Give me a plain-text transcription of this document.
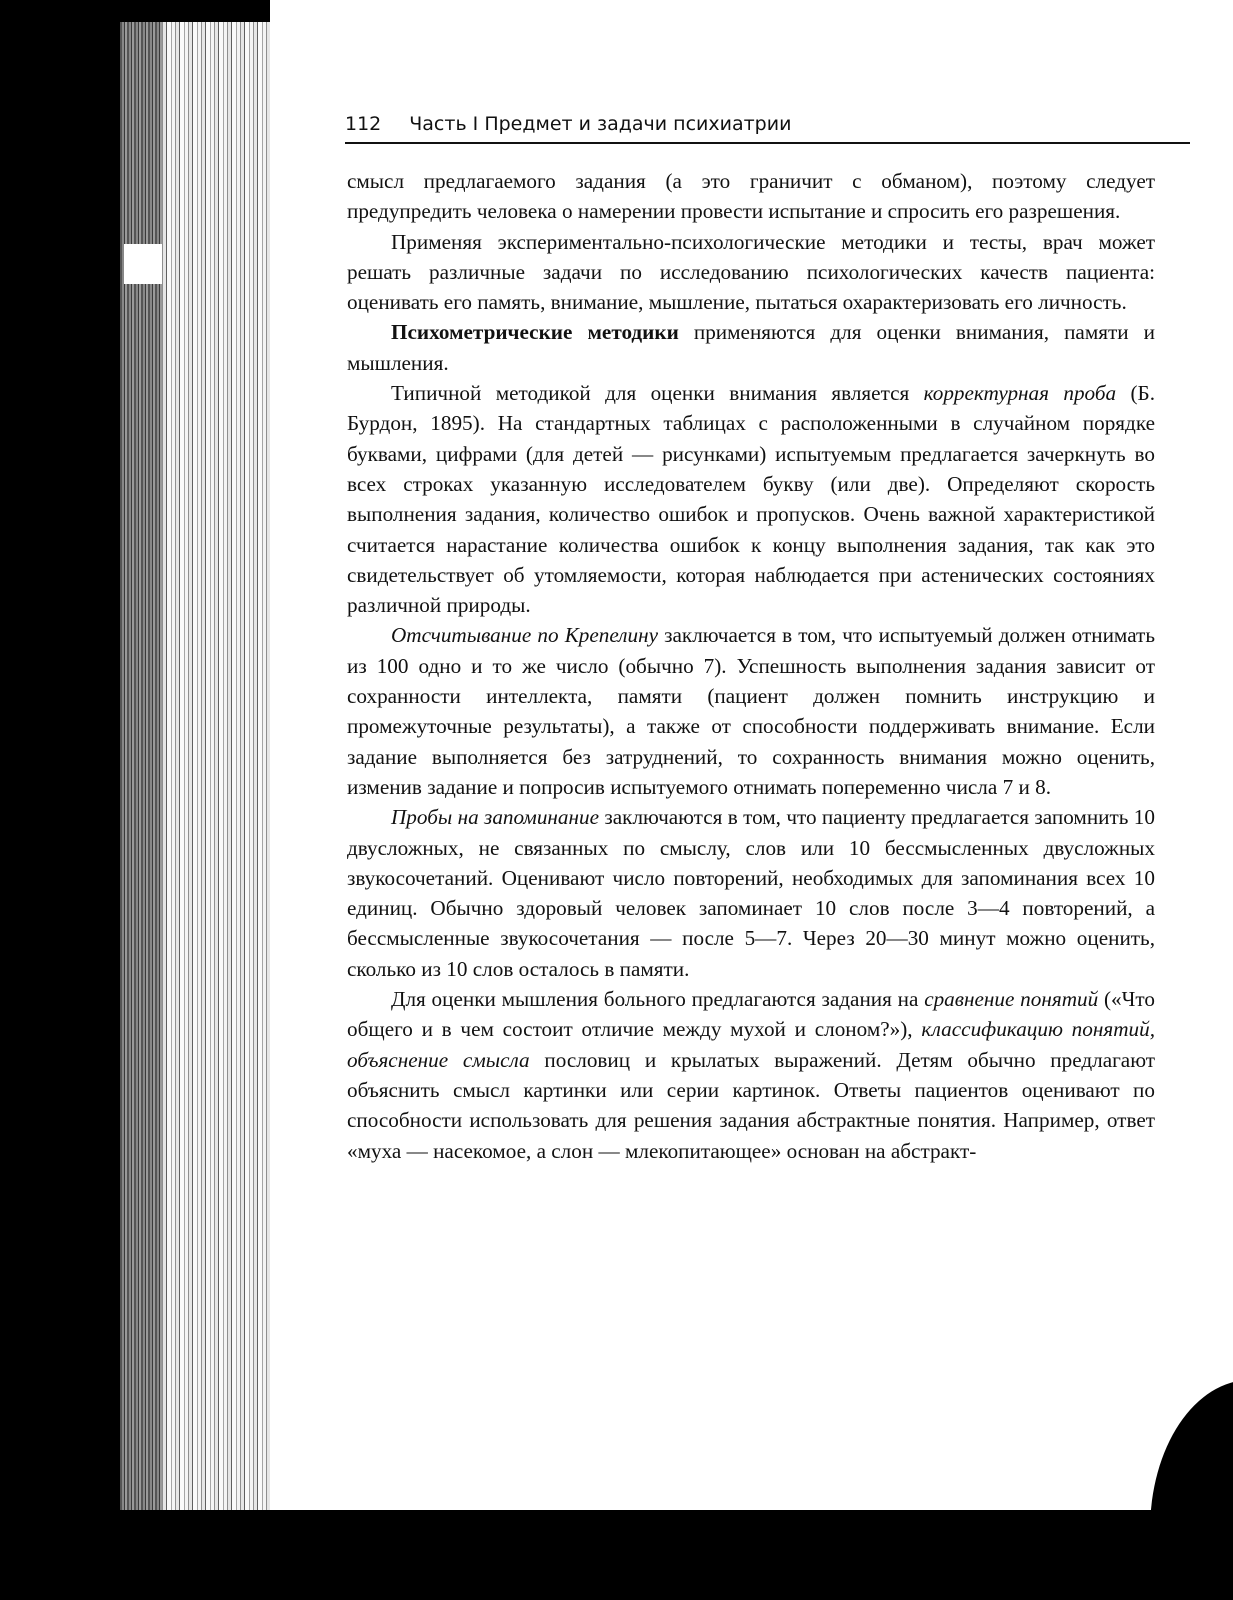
112 Часть I Предмет и задачи психиатрии

смысл предлагаемого задания (а это граничит с обманом), поэтому следует предупредить человека о намерении провести испытание и спросить его разрешения.

Применяя экспериментально-психологические методики и тесты, врач может решать различные задачи по исследованию психологических качеств пациента: оценивать его память, внимание, мышление, пытаться охарактеризовать его личность.

Психометрические методики применяются для оценки внимания, памяти и мышления.

Типичной методикой для оценки внимания является корректурная проба (Б. Бурдон, 1895). На стандартных таблицах с расположенными в случайном порядке буквами, цифрами (для детей — рисунками) испытуемым предлагается зачеркнуть во всех строках указанную исследователем букву (или две). Определяют скорость выполнения задания, количество ошибок и пропусков. Очень важной характеристикой считается нарастание количества ошибок к концу выполнения задания, так как это свидетельствует об утомляемости, которая наблюдается при астенических состояниях различной природы.

Отсчитывание по Крепелину заключается в том, что испытуемый должен отнимать из 100 одно и то же число (обычно 7). Успешность выполнения задания зависит от сохранности интеллекта, памяти (пациент должен помнить инструкцию и промежуточные результаты), а также от способности поддерживать внимание. Если задание выполняется без затруднений, то сохранность внимания можно оценить, изменив задание и попросив испытуемого отнимать попеременно числа 7 и 8.

Пробы на запоминание заключаются в том, что пациенту предлагается запомнить 10 двусложных, не связанных по смыслу, слов или 10 бессмысленных двусложных звукосочетаний. Оценивают число повторений, необходимых для запоминания всех 10 единиц. Обычно здоровый человек запоминает 10 слов после 3—4 повторений, а бессмысленные звукосочетания — после 5—7. Через 20—30 минут можно оценить, сколько из 10 слов осталось в памяти.

Для оценки мышления больного предлагаются задания на сравнение понятий («Что общего и в чем состоит отличие между мухой и слоном?»), классификацию понятий, объяснение смысла пословиц и крылатых выражений. Детям обычно предлагают объяснить смысл картинки или серии картинок. Ответы пациентов оценивают по способности использовать для решения задания абстрактные понятия. Например, ответ «муха — насекомое, а слон — млекопитающее» основан на абстракт-
